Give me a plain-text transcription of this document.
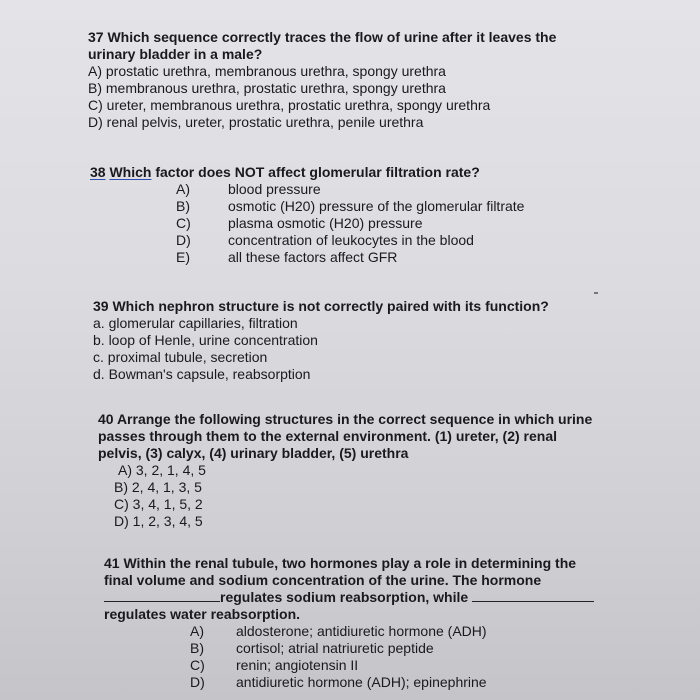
37 Which sequence correctly traces the flow of urine after it leaves the
urinary bladder in a male?
A) prostatic urethra, membranous urethra, spongy urethra
B) membranous urethra, prostatic urethra, spongy urethra
C) ureter, membranous urethra, prostatic urethra, spongy urethra
D) renal pelvis, ureter, prostatic urethra, penile urethra
38 Which factor does NOT affect glomerular filtration rate?
A)	blood pressure
B)	osmotic (H20) pressure of the glomerular filtrate
C)	plasma osmotic (H20) pressure
D)	concentration of leukocytes in the blood
E)	all these factors affect GFR
39 Which nephron structure is not correctly paired with its function?
a. glomerular capillaries, filtration
b. loop of Henle, urine concentration
c. proximal tubule, secretion
d. Bowman's capsule, reabsorption
40 Arrange the following structures in the correct sequence in which urine
passes through them to the external environment. (1) ureter, (2) renal
pelvis, (3) calyx, (4) urinary bladder, (5) urethra
A) 3, 2, 1, 4, 5
B) 2, 4, 1, 3, 5
C) 3, 4, 1, 5, 2
D) 1, 2, 3, 4, 5
41 Within the renal tubule, two hormones play a role in determining the
final volume and sodium concentration of the urine. The hormone
regulates sodium reabsorption, while
regulates water reabsorption.
A)	aldosterone; antidiuretic hormone (ADH)
B)	cortisol; atrial natriuretic peptide
C)	renin; angiotensin II
D)	antidiuretic hormone (ADH); epinephrine
